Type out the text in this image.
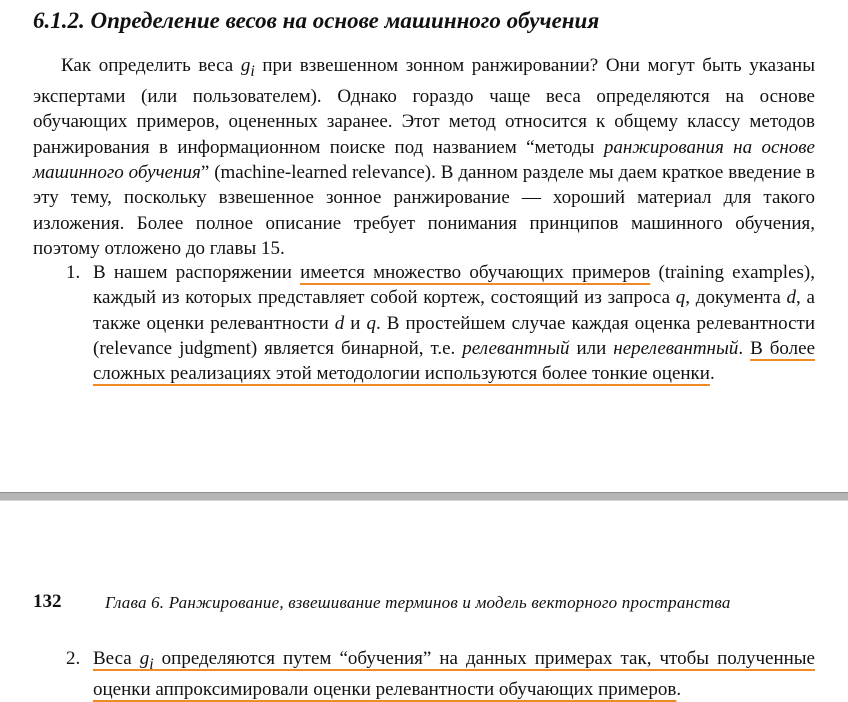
6.1.2. Определение весов на основе машинного обучения

Как определить веса $g_i$ при взвешенном зонном ранжировании? Они могут быть указаны экспертами (или пользователем). Однако гораздо чаще веса определяются на основе обучающих примеров, оцененных заранее. Этот метод относится к общему классу методов ранжирования в информационном поиске под названием “методы ранжирования на основе машинного обучения” (machine-learned relevance). В данном разделе мы даем краткое введение в эту тему, поскольку взвешенное зонное ранжирование — хороший материал для такого изложения. Более полное описание требует понимания принципов машинного обучения, поэтому отложено до главы 15.

1. В нашем распоряжении имеется множество обучающих примеров (training examples), каждый из которых представляет собой кортеж, состоящий из запроса q, документа d, а также оценки релевантности d и q. В простейшем случае каждая оценка релевантности (relevance judgment) является бинарной, т.е. релевантный или нерелевантный. В более сложных реализациях этой методологии используются более тонкие оценки.

132	Глава 6. Ранжирование, взвешивание терминов и модель векторного пространства

2. Веса $g_i$ определяются путем “обучения” на данных примерах так, чтобы полученные оценки аппроксимировали оценки релевантности обучающих примеров.
